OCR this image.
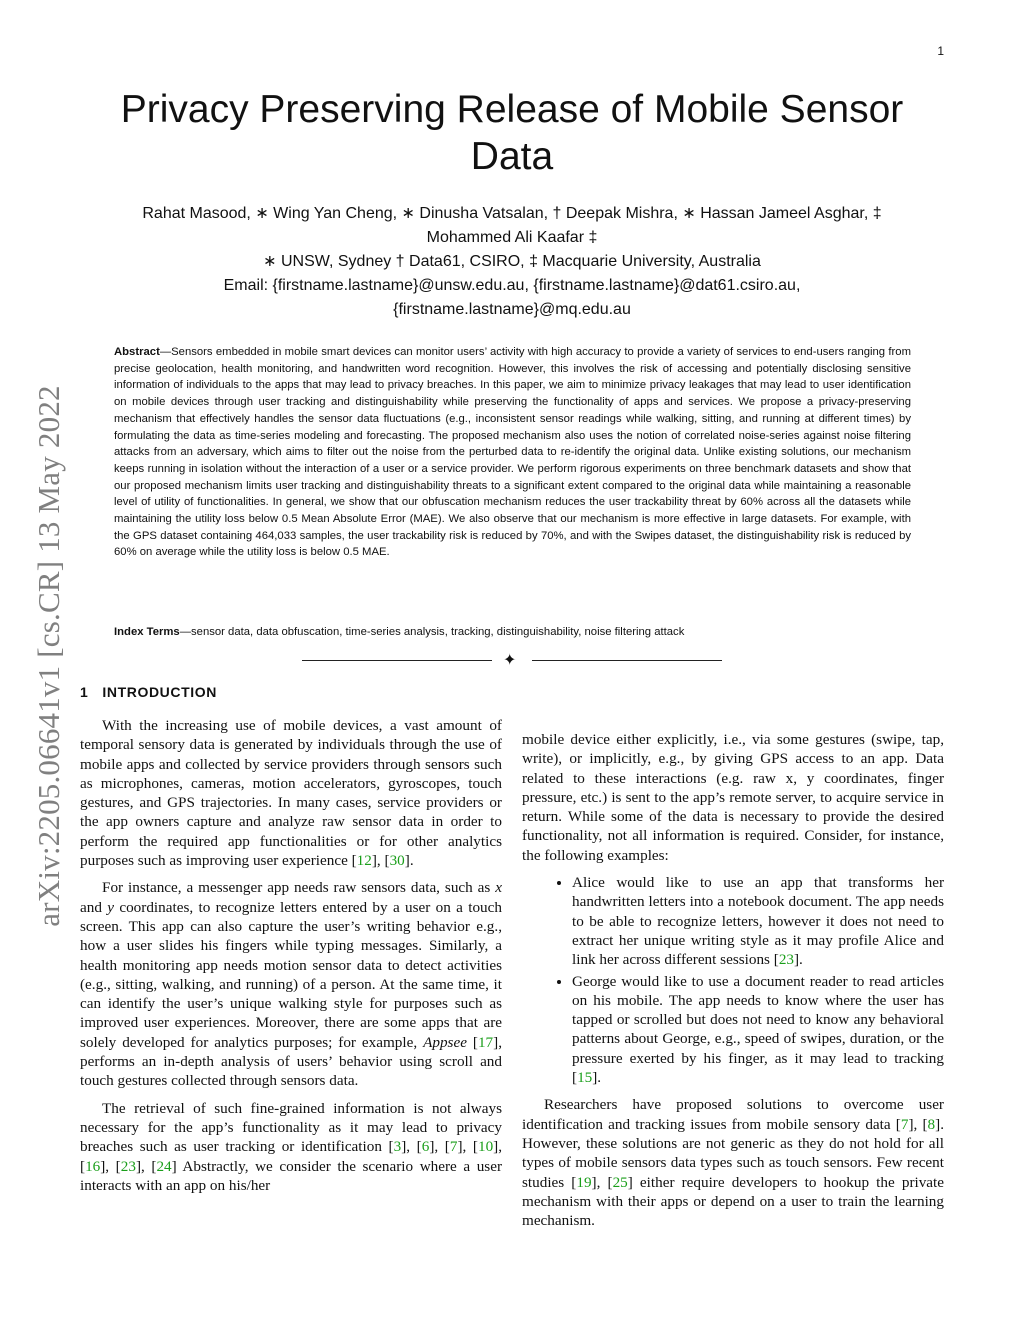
1
arXiv:2205.06641v1 [cs.CR] 13 May 2022
Privacy Preserving Release of Mobile Sensor Data
Rahat Masood, ∗ Wing Yan Cheng, ∗ Dinusha Vatsalan, † Deepak Mishra, ∗ Hassan Jameel Asghar, ‡
Mohammed Ali Kaafar ‡
∗ UNSW, Sydney † Data61, CSIRO, ‡ Macquarie University, Australia
Email: {firstname.lastname}@unsw.edu.au, {firstname.lastname}@dat61.csiro.au,
{firstname.lastname}@mq.edu.au

Abstract—Sensors embedded in mobile smart devices can monitor users’ activity with high accuracy to provide a variety of services to end-users ranging from precise geolocation, health monitoring, and handwritten word recognition. However, this involves the risk of accessing and potentially disclosing sensitive information of individuals to the apps that may lead to privacy breaches. In this paper, we aim to minimize privacy leakages that may lead to user identification on mobile devices through user tracking and distinguishability while preserving the functionality of apps and services. We propose a privacy-preserving mechanism that effectively handles the sensor data fluctuations (e.g., inconsistent sensor readings while walking, sitting, and running at different times) by formulating the data as time-series modeling and forecasting. The proposed mechanism also uses the notion of correlated noise-series against noise filtering attacks from an adversary, which aims to filter out the noise from the perturbed data to re-identify the original data. Unlike existing solutions, our mechanism keeps running in isolation without the interaction of a user or a service provider. We perform rigorous experiments on three benchmark datasets and show that our proposed mechanism limits user tracking and distinguishability threats to a significant extent compared to the original data while maintaining a reasonable level of utility of functionalities. In general, we show that our obfuscation mechanism reduces the user trackability threat by 60% across all the datasets while maintaining the utility loss below 0.5 Mean Absolute Error (MAE). We also observe that our mechanism is more effective in large datasets. For example, with the GPS dataset containing 464,033 samples, the user trackability risk is reduced by 70%, and with the Swipes dataset, the distinguishability risk is reduced by 60% on average while the utility loss is below 0.5 MAE.

Index Terms—sensor data, data obfuscation, time-series analysis, tracking, distinguishability, noise filtering attack

✦
1 INTRODUCTION

With the increasing use of mobile devices, a vast amount of temporal sensory data is generated by individuals through the use of mobile apps and collected by service providers through sensors such as microphones, cameras, motion accelerators, gyroscopes, touch gestures, and GPS trajectories. In many cases, service providers or the app owners capture and analyze raw sensor data in order to perform the required app functionalities or for other analytics purposes such as improving user experience [12], [30].

For instance, a messenger app needs raw sensors data, such as x and y coordinates, to recognize letters entered by a user on a touch screen. This app can also capture the user’s writing behavior e.g., how a user slides his fingers while typing messages. Similarly, a health monitoring app needs motion sensor data to detect activities (e.g., sitting, walking, and running) of a person. At the same time, it can identify the user’s unique walking style for purposes such as improved user experiences. Moreover, there are some apps that are solely developed for analytics purposes; for example, Appsee [17], performs an in-depth analysis of users’ behavior using scroll and touch gestures collected through sensors data.

The retrieval of such fine-grained information is not always necessary for the app’s functionality as it may lead to privacy breaches such as user tracking or identification [3], [6], [7], [10], [16], [23], [24] Abstractly, we consider the scenario where a user interacts with an app on his/her

mobile device either explicitly, i.e., via some gestures (swipe, tap, write), or implicitly, e.g., by giving GPS access to an app. Data related to these interactions (e.g. raw x, y coordinates, finger pressure, etc.) is sent to the app’s remote server, to acquire service in return. While some of the data is necessary to provide the desired functionality, not all information is required. Consider, for instance, the following examples:

• Alice would like to use an app that transforms her handwritten letters into a notebook document. The app needs to be able to recognize letters, however it does not need to extract her unique writing style as it may profile Alice and link her across different sessions [23].
• George would like to use a document reader to read articles on his mobile. The app needs to know where the user has tapped or scrolled but does not need to know any behavioral patterns about George, e.g., speed of swipes, duration, or the pressure exerted by his finger, as it may lead to tracking [15].

Researchers have proposed solutions to overcome user identification and tracking issues from mobile sensory data [7], [8]. However, these solutions are not generic as they do not hold for all types of mobile sensors data types such as touch sensors. Few recent studies [19], [25] either require developers to hookup the private mechanism with their apps or depend on a user to train the learning mechanism.
